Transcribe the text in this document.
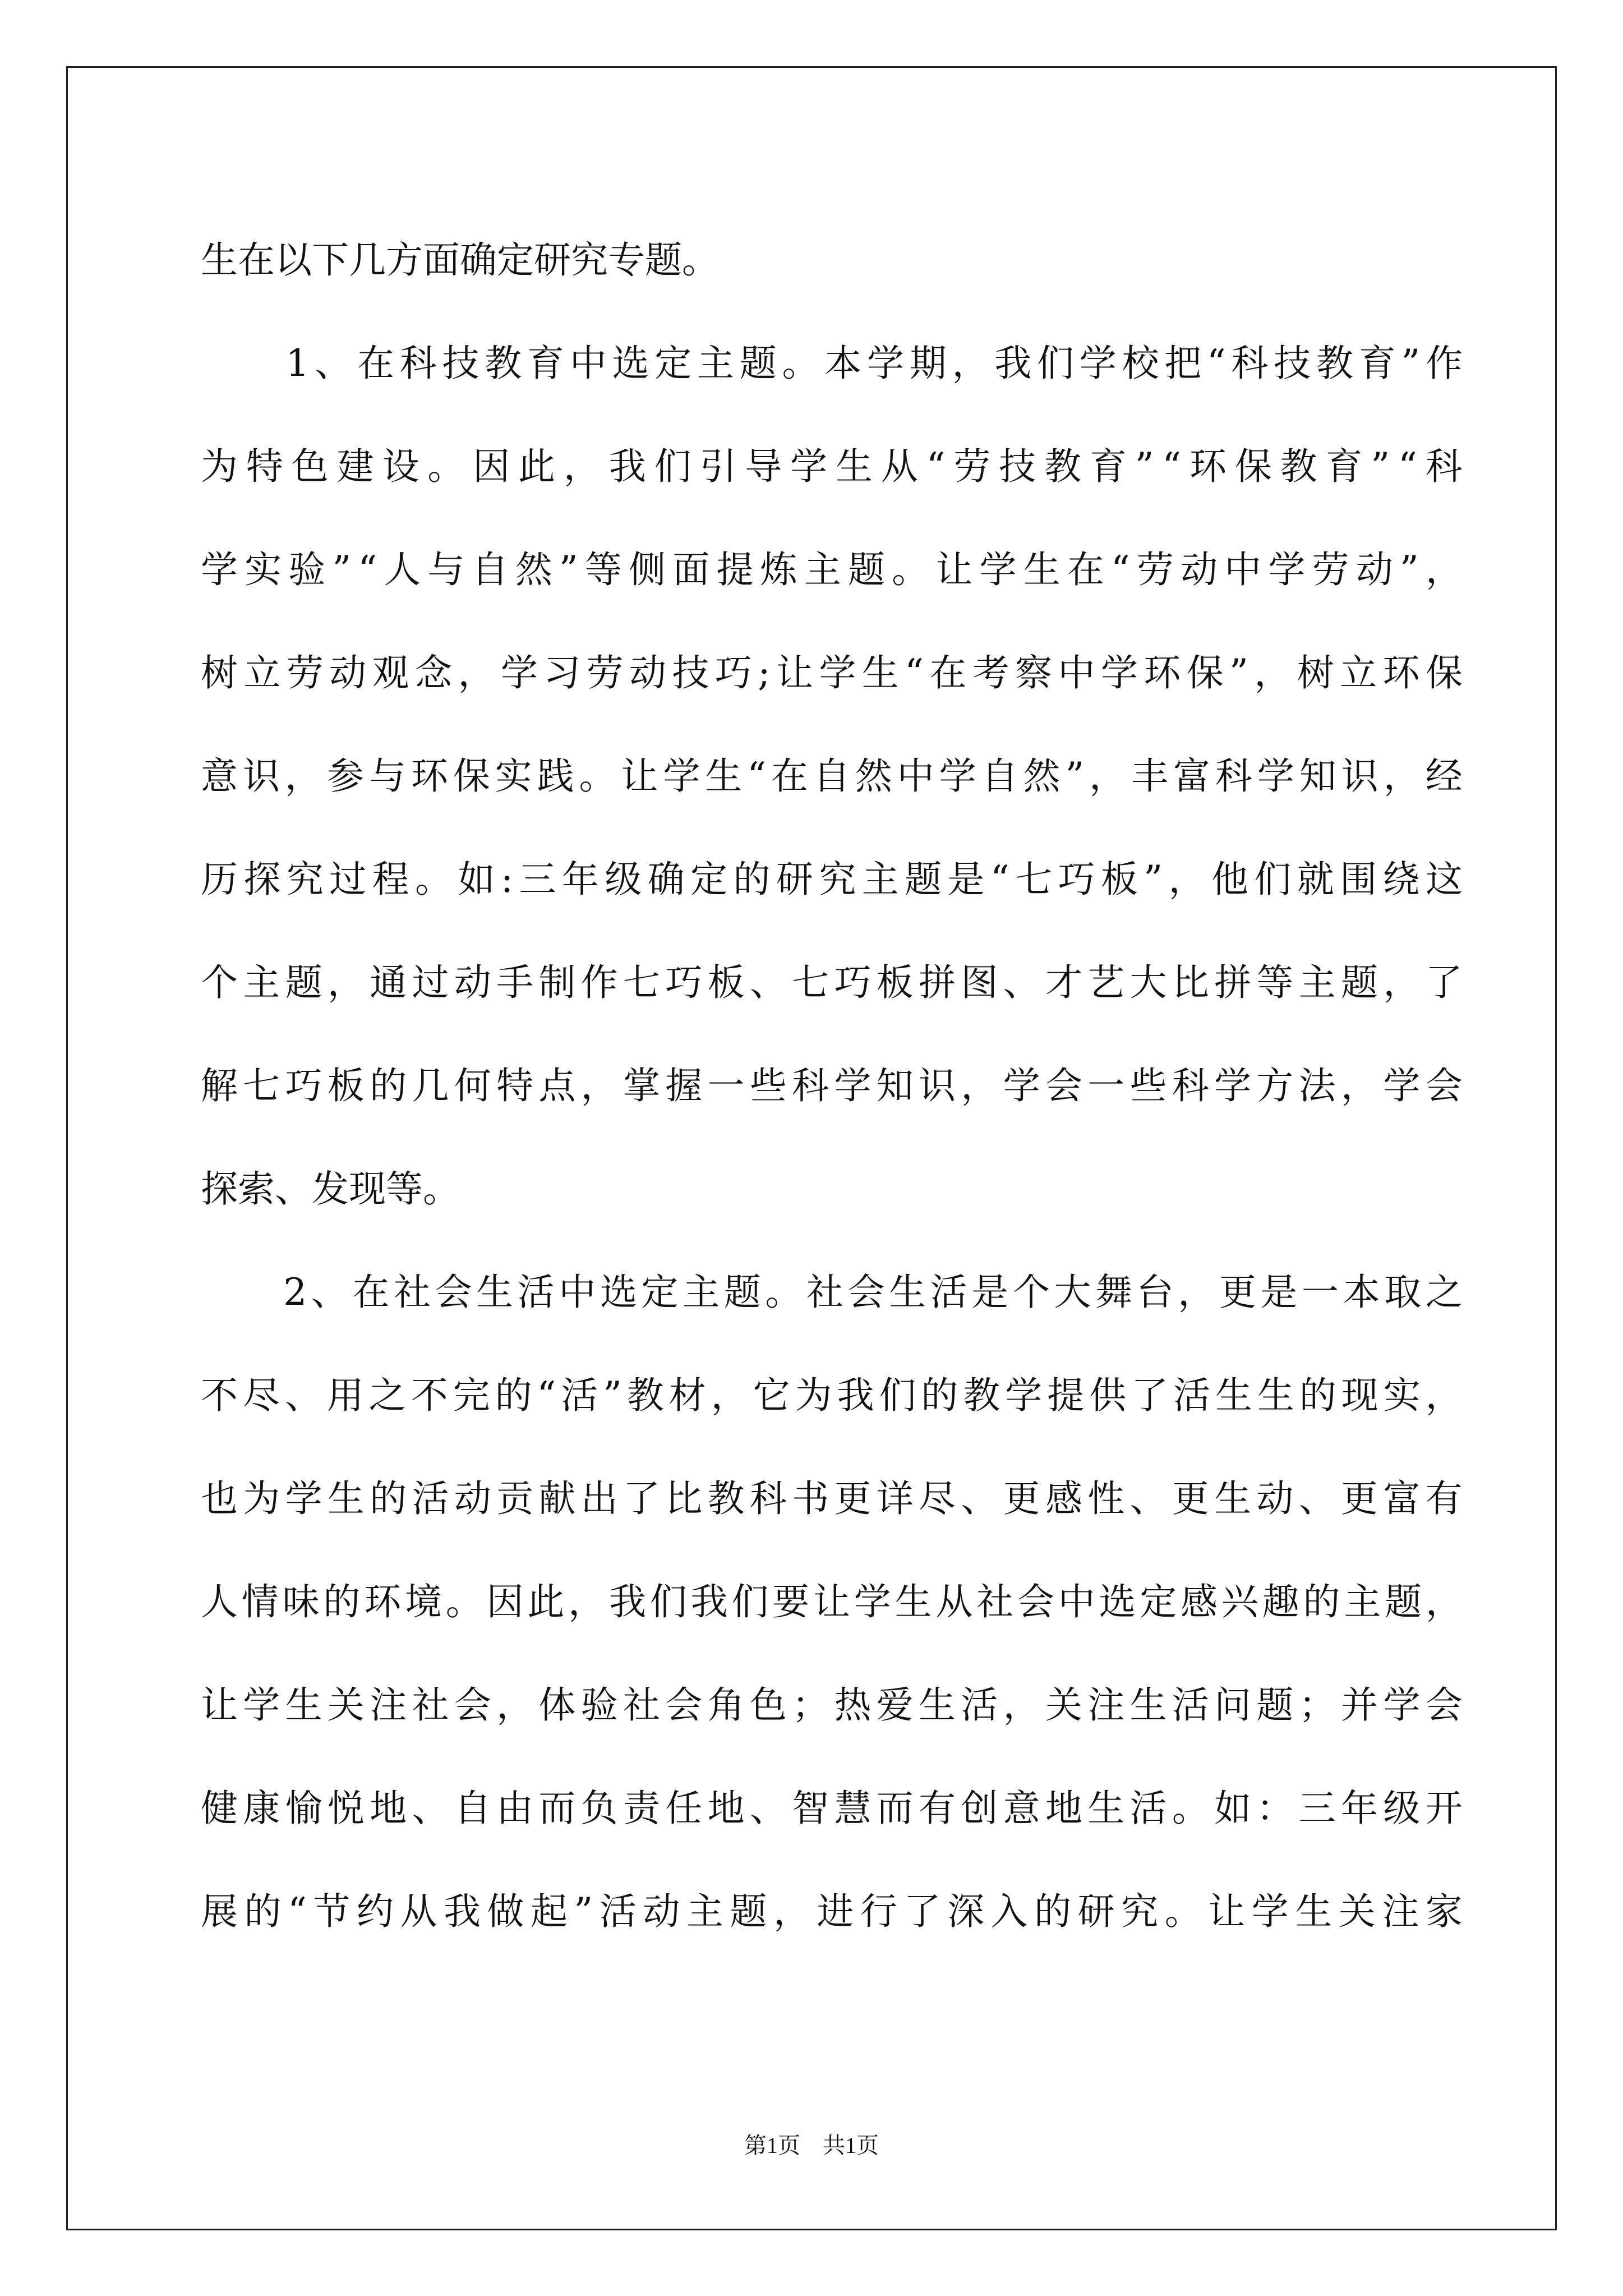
生 在 以 下 几 方 面 确 定 研 究 专 题 。

1 、 在 科 技 教 育 中 选 定 主 题 。 本 学 期 ， 我 们 学 校 把 “ 科 技 教 育 ” 作
为 特 色 建 设 。 因 此 ， 我 们 引 导 学 生 从 “ 劳 技 教 育 ” “ 环 保 教 育 ” “ 科
学 实 验 ” “ 人 与 自 然 ” 等 侧 面 提 炼 主 题 。 让 学 生 在 “ 劳 动 中 学 劳 动 ” ，
树 立 劳 动 观 念 ， 学 习 劳 动 技 巧 ; 让 学 生 “ 在 考 察 中 学 环 保 ” ， 树 立 环 保
意 识 ， 参 与 环 保 实 践 。 让 学 生 “ 在 自 然 中 学 自 然 ” ， 丰 富 科 学 知 识 ， 经
历 探 究 过 程 。 如 : 三 年 级 确 定 的 研 究 主 题 是 “ 七 巧 板 ” ， 他 们 就 围 绕 这
个 主 题 ， 通 过 动 手 制 作 七 巧 板 、 七 巧 板 拼 图 、 才 艺 大 比 拼 等 主 题 ， 了
解 七 巧 板 的 几 何 特 点 ， 掌 握 一 些 科 学 知 识 ， 学 会 一 些 科 学 方 法 ， 学 会
探 索 、 发 现 等 。

2 、 在 社 会 生 活 中 选 定 主 题 。 社 会 生 活 是 个 大 舞 台 ， 更 是 一 本 取 之
不 尽 、 用 之 不 完 的 “ 活 ” 教 材 ， 它 为 我 们 的 教 学 提 供 了 活 生 生 的 现 实 ，
也 为 学 生 的 活 动 贡 献 出 了 比 教 科 书 更 详 尽 、 更 感 性 、 更 生 动 、 更 富 有
人 情 味 的 环 境 。 因 此 ， 我 们 我 们 要 让 学 生 从 社 会 中 选 定 感 兴 趣 的 主 题 ，
让 学 生 关 注 社 会 ， 体 验 社 会 角 色 ； 热 爱 生 活 ， 关 注 生 活 问 题 ； 并 学 会
健 康 愉 悦 地 、 自 由 而 负 责 任 地 、 智 慧 而 有 创 意 地 生 活 。 如 ： 三 年 级 开
展 的 “ 节 约 从 我 做 起 ” 活 动 主 题 ， 进 行 了 深 入 的 研 究 。 让 学 生 关 注 家
第1页　共1页
